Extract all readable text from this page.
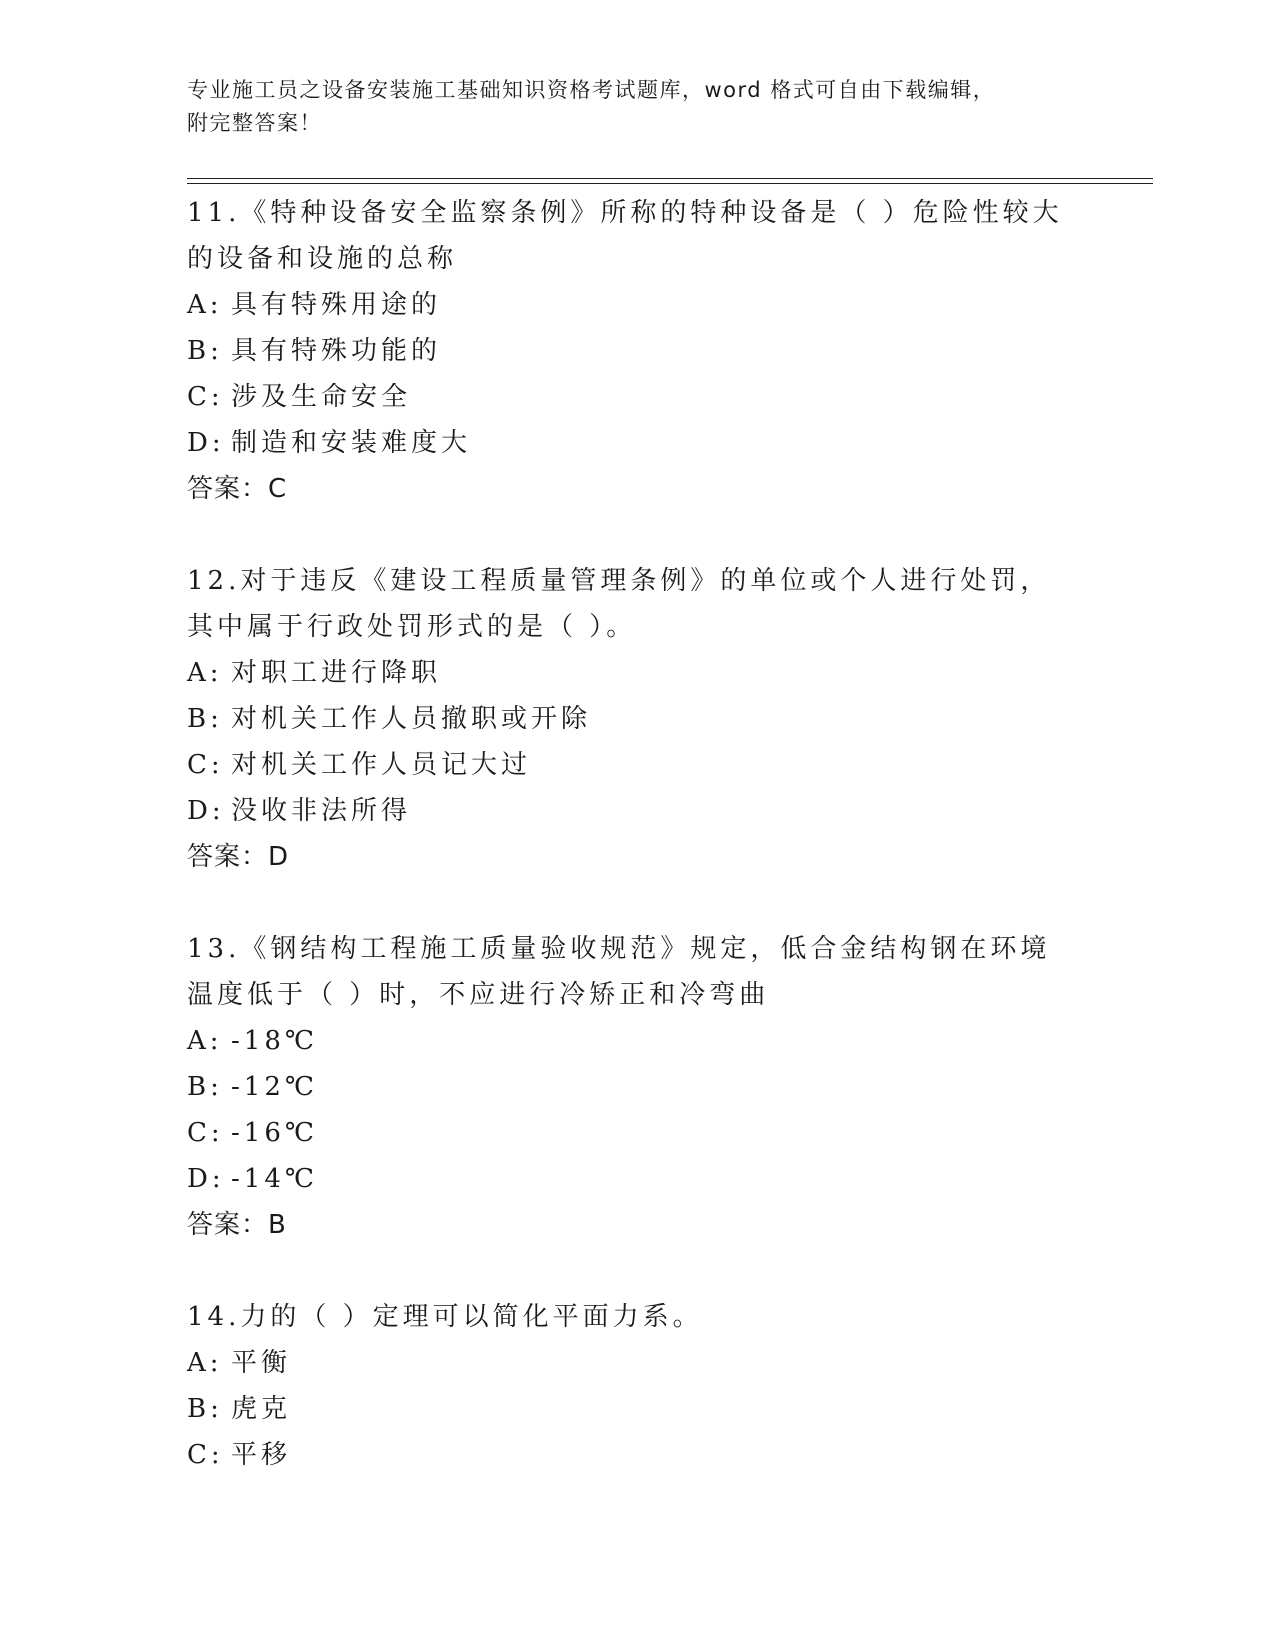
专业施工员之设备安装施工基础知识资格考试题库，word 格式可自由下载编辑，
附完整答案！
11.《特种设备安全监察条例》所称的特种设备是（ ）危险性较大的设备和设施的总称
A: 具有特殊用途的
B: 具有特殊功能的
C: 涉及生命安全
D: 制造和安装难度大
答案：C
12.对于违反《建设工程质量管理条例》的单位或个人进行处罚，其中属于行政处罚形式的是（ ）。
A: 对职工进行降职
B: 对机关工作人员撤职或开除
C: 对机关工作人员记大过
D: 没收非法所得
答案：D
13.《钢结构工程施工质量验收规范》规定，低合金结构钢在环境温度低于（ ）时，不应进行冷矫正和冷弯曲
A: -18℃
B: -12℃
C: -16℃
D: -14℃
答案：B
14.力的（ ）定理可以简化平面力系。
A: 平衡
B: 虎克
C: 平移
